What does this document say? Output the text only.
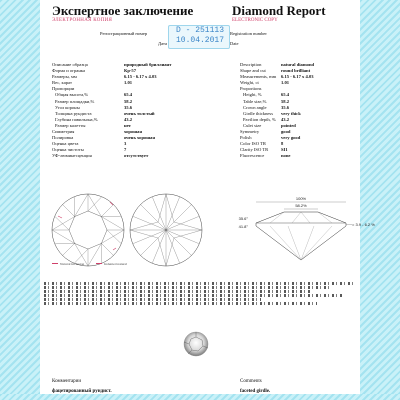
Экспертное заключение
ЭЛЕКТРОННАЯ КОПИЯ
Diamond Report
ELECTRONIC COPY
D - 251113
10.04.2017
Регистрационный номер
Дата
Registration number
Date
Описание образца	природный бриллиант
Форма и огранка	Кр-57
Размеры, мм	6.15 - 6.17 x 4.03
Вес, карат	1.01
Пропорции
Общая высота,%	65.4
Размер площадки,%	58.2
Угол короны	35.6
Толщина рундиста	очень толстый
Глубина павильона,%	43.2
Размер калетты	нет
Симметрия	хорошая
Полировка	очень хорошая
Оценка цвета	3
Оценка чистоты	7
УФ-люминесценция	отсутствует
Description	natural diamond
Shape and cut	round brilliant
Measurements, mm	6.15 - 6.17 x 4.03
Weight, ct	1.01
Proportions
Height, %	65.4
Table size,%	58.2
Crown angle	35.6
Girdle thickness	very thick
Pavilion depth, %	43.2
Culet size	pointed
Symmetry	good
Polish	very good
Color ISO TR	8
Clarity ISO TR	SI1
Fluorescence	none
100%
58.2%
35.6°
41.8°	= 3.9 - 6.2 %
Natural inclusion	Indented natural
Комментарии
фацетированный рундист.
Comments
faceted girdle.
